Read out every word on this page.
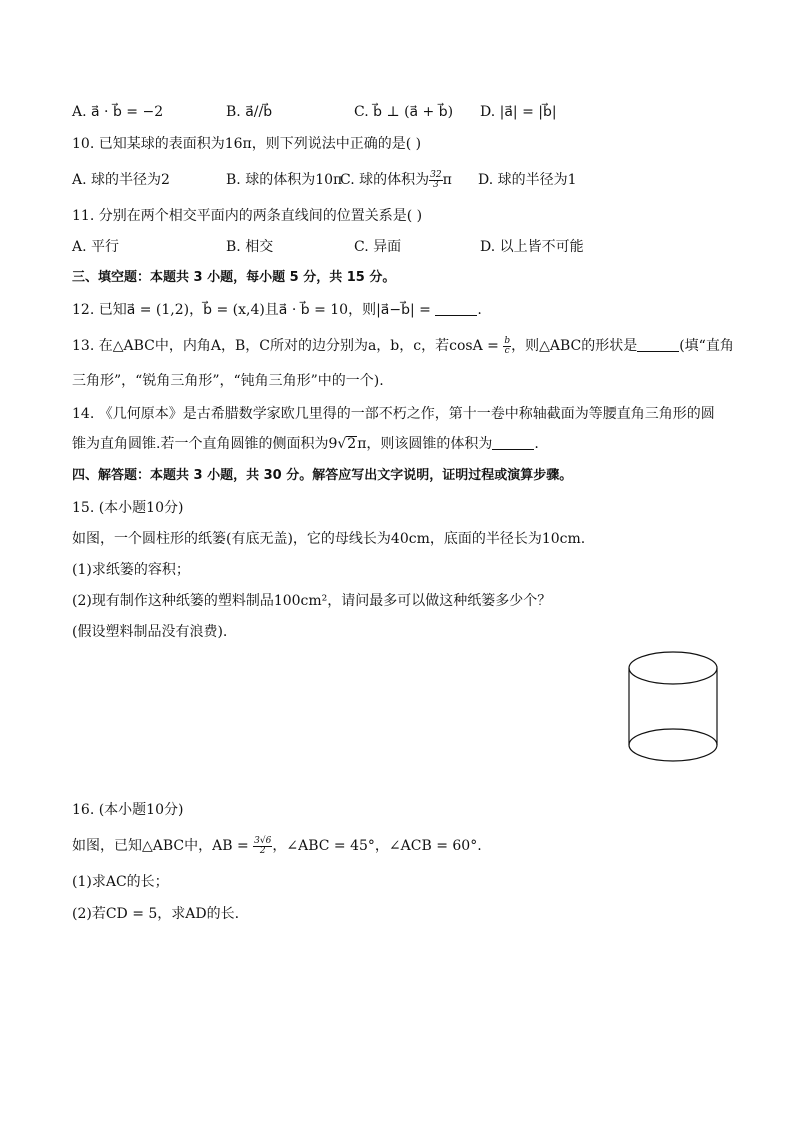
A. a⃗ · b⃗ = −2	B. a⃗//b⃗	C. b⃗ ⊥ (a⃗ + b⃗) D. |a⃗| = |b⃗|
10. 已知某球的表面积为16π，则下列说法中正确的是( )
A. 球的半径为2	B. 球的体积为10π
C. 球的体积为 $\frac{32}{3}$ π D. 球的半径为1
11. 分别在两个相交平面内的两条直线间的位置关系是( )
A. 平行	B. 相交	C. 异面	D. 以上皆不可能
三、填空题：本题共 3 小题，每小题 5 分，共 15 分。
12. 已知a⃗ = (1,2)，b⃗ = (x,4)且a⃗ · b⃗ = 10，则|a⃗−b⃗| =	.
13. 在△ABC中，内角A，B，C所对的边分别为a，b，c，若$\cos A = \frac{b}{c}$ ，则△ABC的形状是	(填“直角
三角形”，“锐角三角形”，“钝角三角形”中的一个).
14. 《几何原本》是古希腊数学家欧几里得的一部不朽之作，第十一卷中称轴截面为等腰直角三角形的圆
锥为直角圆锥.若一个直角圆锥的侧面积为9√2π，则该圆锥的体积为	.
四、解答题：本题共 3 小题，共 30 分。解答应写出文字说明，证明过程或演算步骤。
15. (本小题10分)
如图，一个圆柱形的纸篓(有底无盖)，它的母线长为40cm，底面的半径长为10cm.
(1)求纸篓的容积；
(2)现有制作这种纸篓的塑料制品100cm²，请问最多可以做这种纸篓多少个？
(假设塑料制品没有浪费).
16. (本小题10分)
如图，已知△ABC中，AB = $\frac{3√6}{2}$ ，∠ABC = 45°，∠ACB = 60°.
(1)求AC的长；
(2)若CD = 5，求AD的长.
